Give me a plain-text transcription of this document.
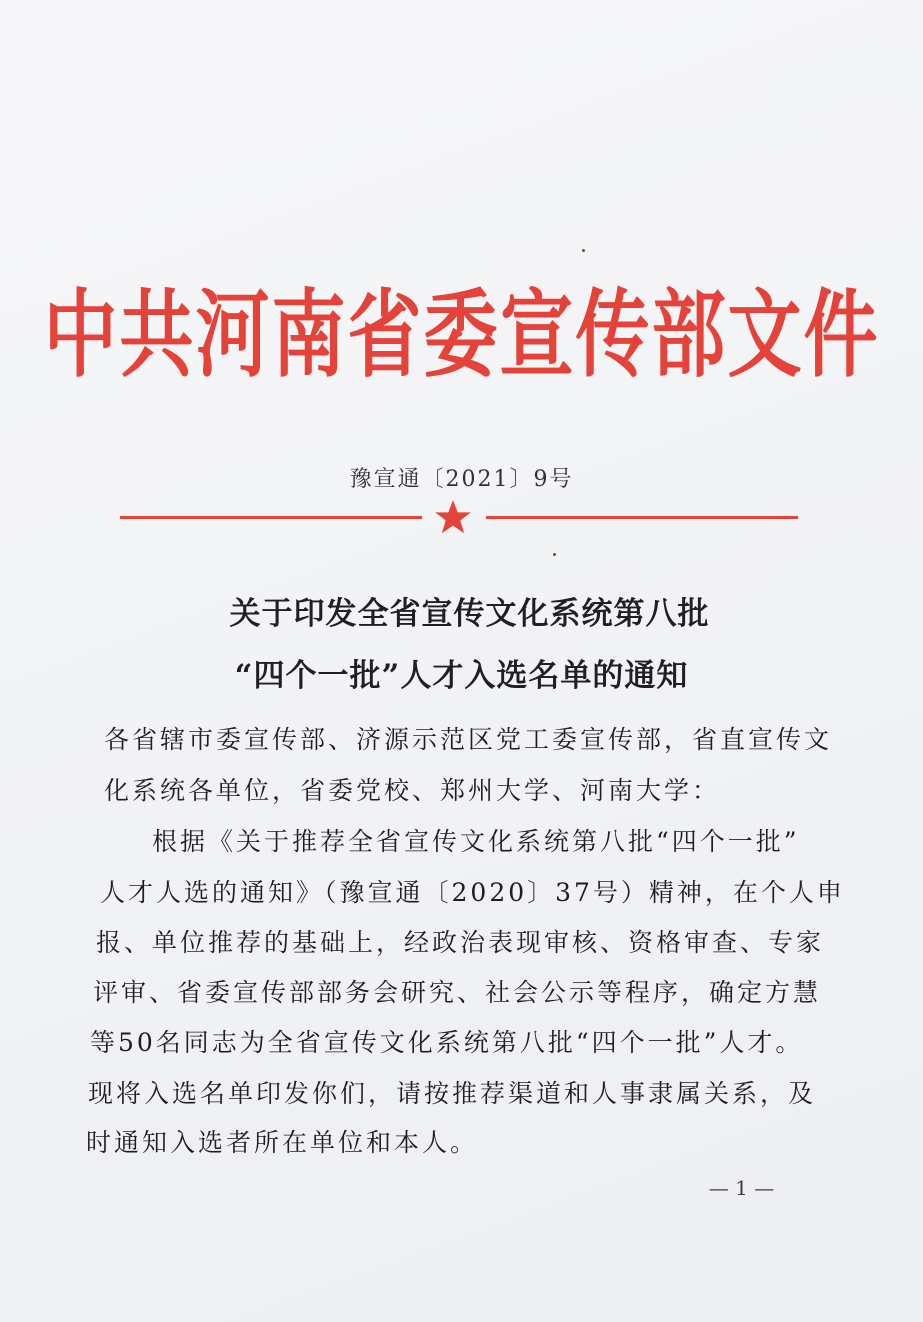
中共河南省委宣传部文件
豫宣通〔2021〕9号
关于印发全省宣传文化系统第八批
“四个一批”人才入选名单的通知
各省辖市委宣传部、济源示范区党工委宣传部，省直宣传文
化系统各单位，省委党校、郑州大学、河南大学：
根据《关于推荐全省宣传文化系统第八批“四个一批”
人才人选的通知》（豫宣通〔2020〕37号）精神，在个人申
报、单位推荐的基础上，经政治表现审核、资格审查、专家
评审、省委宣传部部务会研究、社会公示等程序，确定方慧
等50名同志为全省宣传文化系统第八批“四个一批”人才。
现将入选名单印发你们，请按推荐渠道和人事隶属关系，及
时通知入选者所在单位和本人。
— 1 —
